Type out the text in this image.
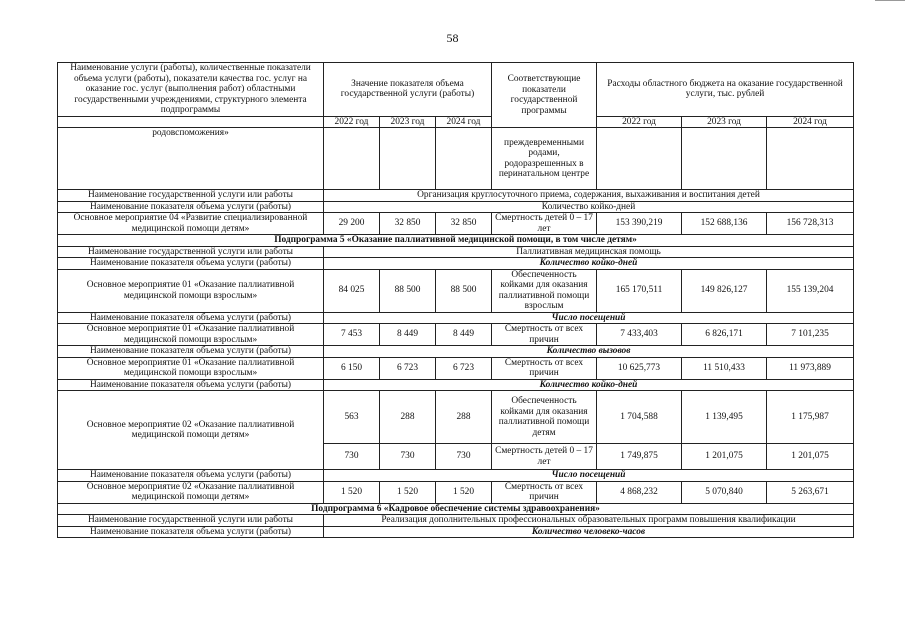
58
Наименование услуги (работы), количественные показатели объема услуги (работы), показатели качества гос. услуг на оказание гос. услуг (выполнения работ) областными государственными учреждениями, структурного элемента подпрограммы	Значение показателя объема государственной услуги (работы)			Соответствующие показатели государственной программы	Расходы областного бюджета на оказание государственной услуги, тыс. рублей		
	2022 год	2023 год	2024 год		2022 год	2023 год	2024 год
родовспоможения»				преждевременными родами, родоразрешенных в перинатальном центре			
Наименование государственной услуги или работы	Организация круглосуточного приема, содержания, выхаживания и воспитания детей						
Наименование показателя объема услуги (работы)	Количество койко-дней						
Основное мероприятие 04 «Развитие специализированной медицинской помощи детям»	29 200	32 850	32 850	Смертность детей 0 – 17 лет	153 390,219	152 688,136	156 728,313
Подпрограмма 5 «Оказание паллиативной медицинской помощи, в том числе детям»							
Наименование государственной услуги или работы	Паллиативная медицинская помощь						
Наименование показателя объема услуги (работы)	Количество койко-дней						
Основное мероприятие 01 «Оказание паллиативной медицинской помощи взрослым»	84 025	88 500	88 500	Обеспеченность койками для оказания паллиативной помощи взрослым	165 170,511	149 826,127	155 139,204
Наименование показателя объема услуги (работы)	Число посещений						
Основное мероприятие 01 «Оказание паллиативной медицинской помощи взрослым»	7 453	8 449	8 449	Смертность от всех причин	7 433,403	6 826,171	7 101,235
Наименование показателя объема услуги (работы)	Количество вызовов						
Основное мероприятие 01 «Оказание паллиативной медицинской помощи взрослым»	6 150	6 723	6 723	Смертность от всех причин	10 625,773	11 510,433	11 973,889
Наименование показателя объема услуги (работы)	Количество койко-дней						
Основное мероприятие 02 «Оказание паллиативной медицинской помощи детям»	563	288	288	Обеспеченность койками для оказания паллиативной помощи детям	1 704,588	1 139,495	1 175,987
	730	730	730	Смертность детей 0 – 17 лет	1 749,875	1 201,075	1 201,075
Наименование показателя объема услуги (работы)	Число посещений						
Основное мероприятие 02 «Оказание паллиативной медицинской помощи детям»	1 520	1 520	1 520	Смертность от всех причин	4 868,232	5 070,840	5 263,671
Подпрограмма 6 «Кадровое обеспечение системы здравоохранения»							
Наименование государственной услуги или работы	Реализация дополнительных профессиональных образовательных программ повышения квалификации						
Наименование показателя объема услуги (работы)	Количество человеко-часов						
